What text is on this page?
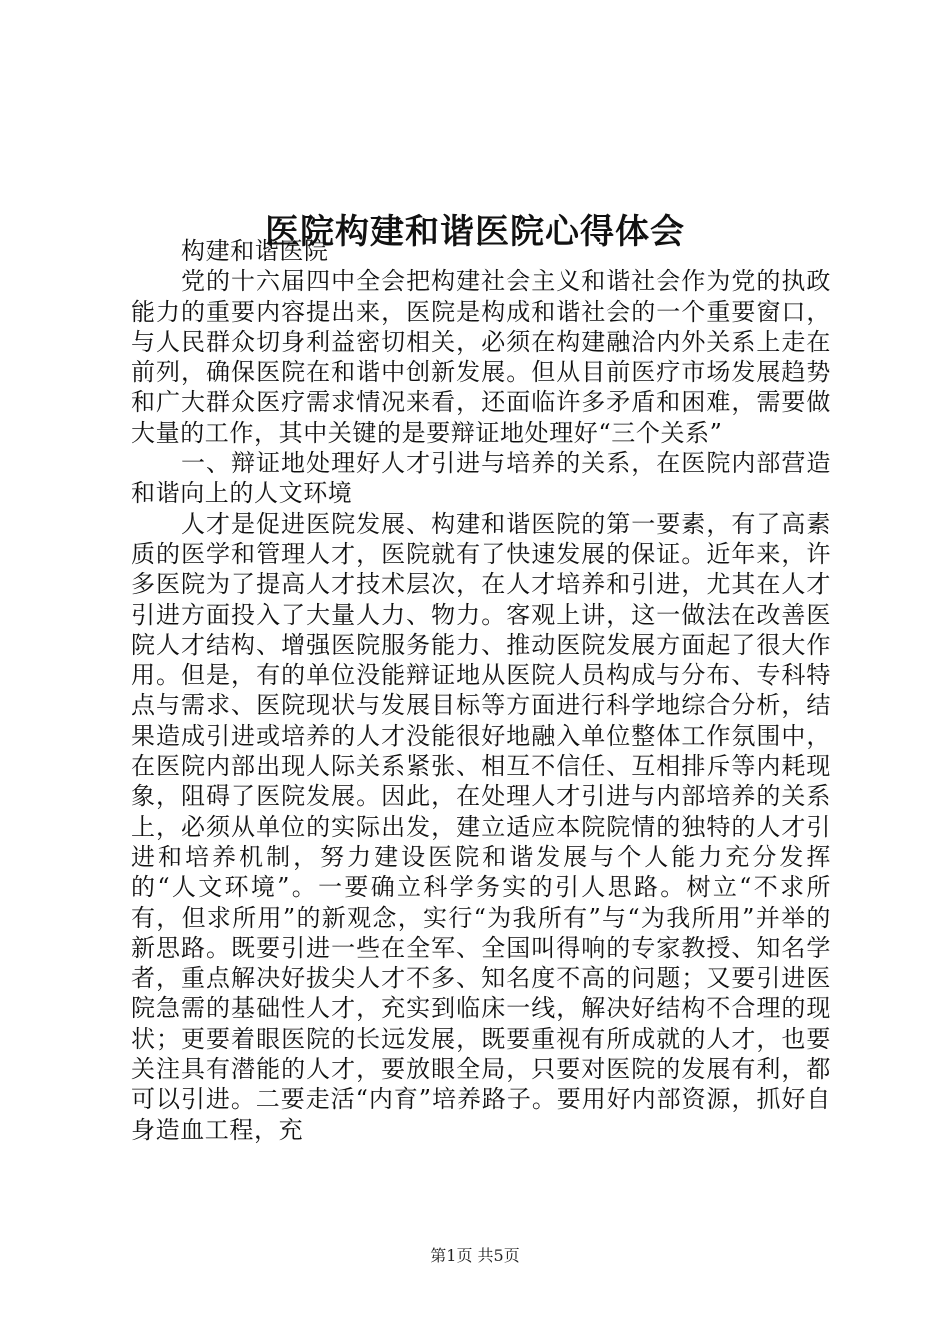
医院构建和谐医院心得体会

构建和谐医院

党的十六届四中全会把构建社会主义和谐社会作为党的执政能力的重要内容提出来，医院是构成和谐社会的一个重要窗口，与人民群众切身利益密切相关，必须在构建融洽内外关系上走在前列，确保医院在和谐中创新发展。但从目前医疗市场发展趋势和广大群众医疗需求情况来看，还面临许多矛盾和困难，需要做大量的工作，其中关键的是要辩证地处理好“三个关系”

一、辩证地处理好人才引进与培养的关系，在医院内部营造和谐向上的人文环境

人才是促进医院发展、构建和谐医院的第一要素，有了高素质的医学和管理人才，医院就有了快速发展的保证。近年来，许多医院为了提高人才技术层次，在人才培养和引进，尤其在人才引进方面投入了大量人力、物力。客观上讲，这一做法在改善医院人才结构、增强医院服务能力、推动医院发展方面起了很大作用。但是，有的单位没能辩证地从医院人员构成与分布、专科特点与需求、医院现状与发展目标等方面进行科学地综合分析，结果造成引进或培养的人才没能很好地融入单位整体工作氛围中，在医院内部出现人际关系紧张、相互不信任、互相排斥等内耗现象，阻碍了医院发展。因此，在处理人才引进与内部培养的关系上，必须从单位的实际出发，建立适应本院院情的独特的人才引进和培养机制，努力建设医院和谐发展与个人能力充分发挥的“人文环境”。一要确立科学务实的引人思路。树立“不求所有，但求所用”的新观念，实行“为我所有”与“为我所用”并举的新思路。既要引进一些在全军、全国叫得响的专家教授、知名学者，重点解决好拔尖人才不多、知名度不高的问题；又要引进医院急需的基础性人才，充实到临床一线，解决好结构不合理的现状；更要着眼医院的长远发展，既要重视有所成就的人才，也要关注具有潜能的人才，要放眼全局，只要对医院的发展有利，都可以引进。二要走活“内育”培养路子。要用好内部资源，抓好自身造血工程，充

第1页 共5页
